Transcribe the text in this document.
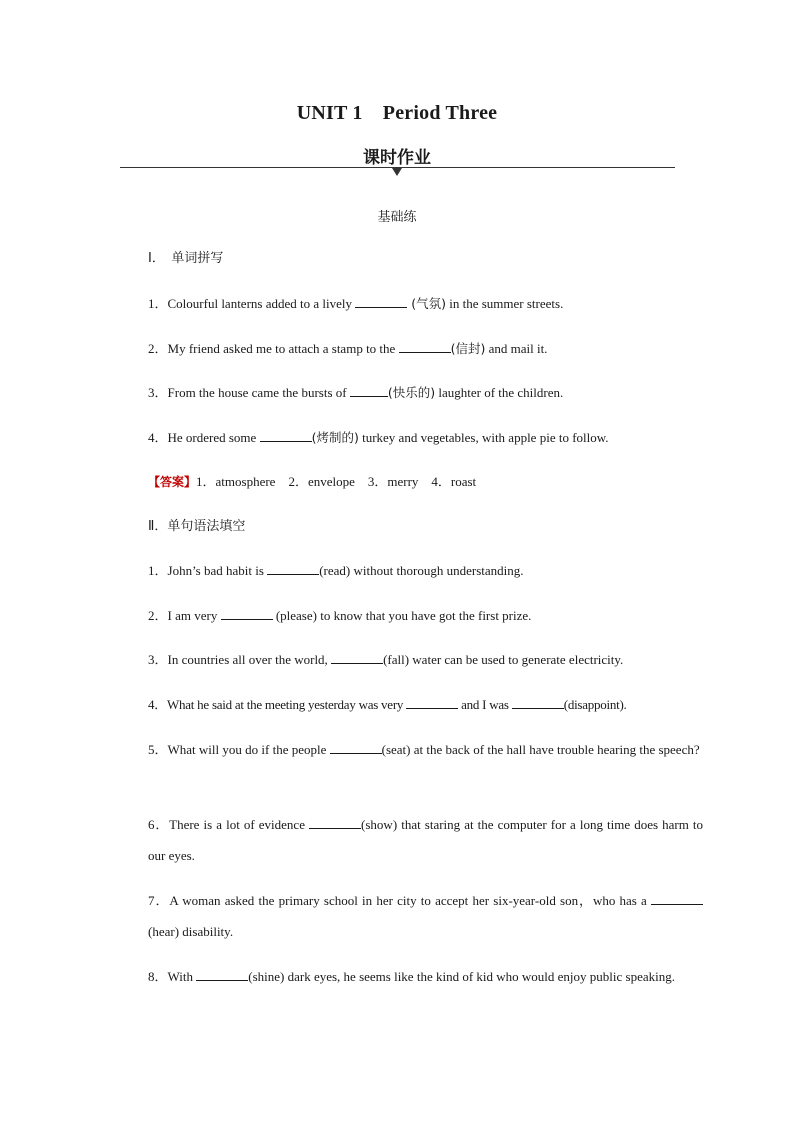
UNIT 1　Period Three
课时作业
基础练
Ⅰ．　单词拼写
1．Colourful lanterns added to a lively	(气氛) in the summer streets.
2．My friend asked me to attach a stamp to the	(信封) and mail it.
3．From the house came the bursts of	(快乐的) laughter of the children.
4．He ordered some	(烤制的) turkey and vegetables, with apple pie to follow.
【答案】1．atmosphere　2．envelope　3．merry　4．roast
Ⅱ．单句语法填空
1．John’s bad habit is	(read) without thorough understanding.
2．I am very	(please) to know that you have got the first prize.
3．In countries all over the world,	(fall) water can be used to generate electricity.
4．What he said at the meeting yesterday was very	and I was	(disappoint).
5．What will you do if the people	(seat) at the back of the hall have trouble hearing the speech?
6．There is a lot of evidence	(show) that staring at the computer for a long time does harm to our eyes.
7．A woman asked the primary school in her city to accept her six-year-old son，who has a (hear) disability.
8．With	(shine) dark eyes, he seems like the kind of kid who would enjoy public speaking.
